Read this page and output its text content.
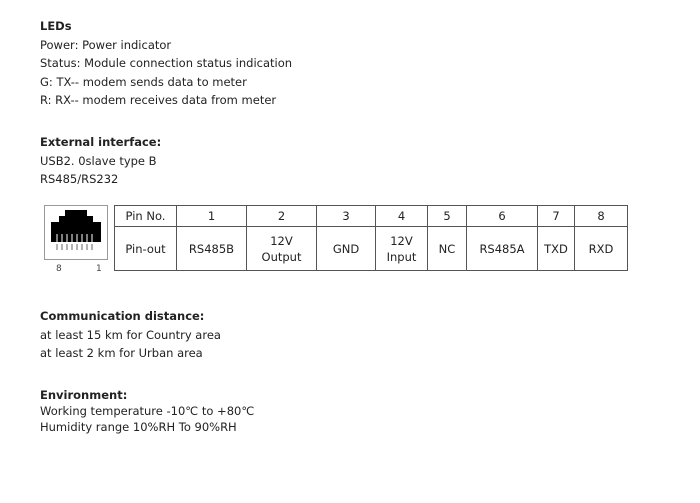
LEDs
Power: Power indicator
Status: Module connection status indication
G: TX-- modem sends data to meter
R: RX-- modem receives data from meter
External interface:
USB2. 0slave type B
RS485/RS232
8	1
Pin No.	1	2	3	4	5	6	7	8
Pin-out	RS485B	12V Output	GND	12V Input	NC	RS485A	TXD	RXD
Communication distance:
at least 15 km for Country area
at least 2 km for Urban area
Environment:
Working temperature -10℃ to +80℃
Humidity range 10%RH To 90%RH
